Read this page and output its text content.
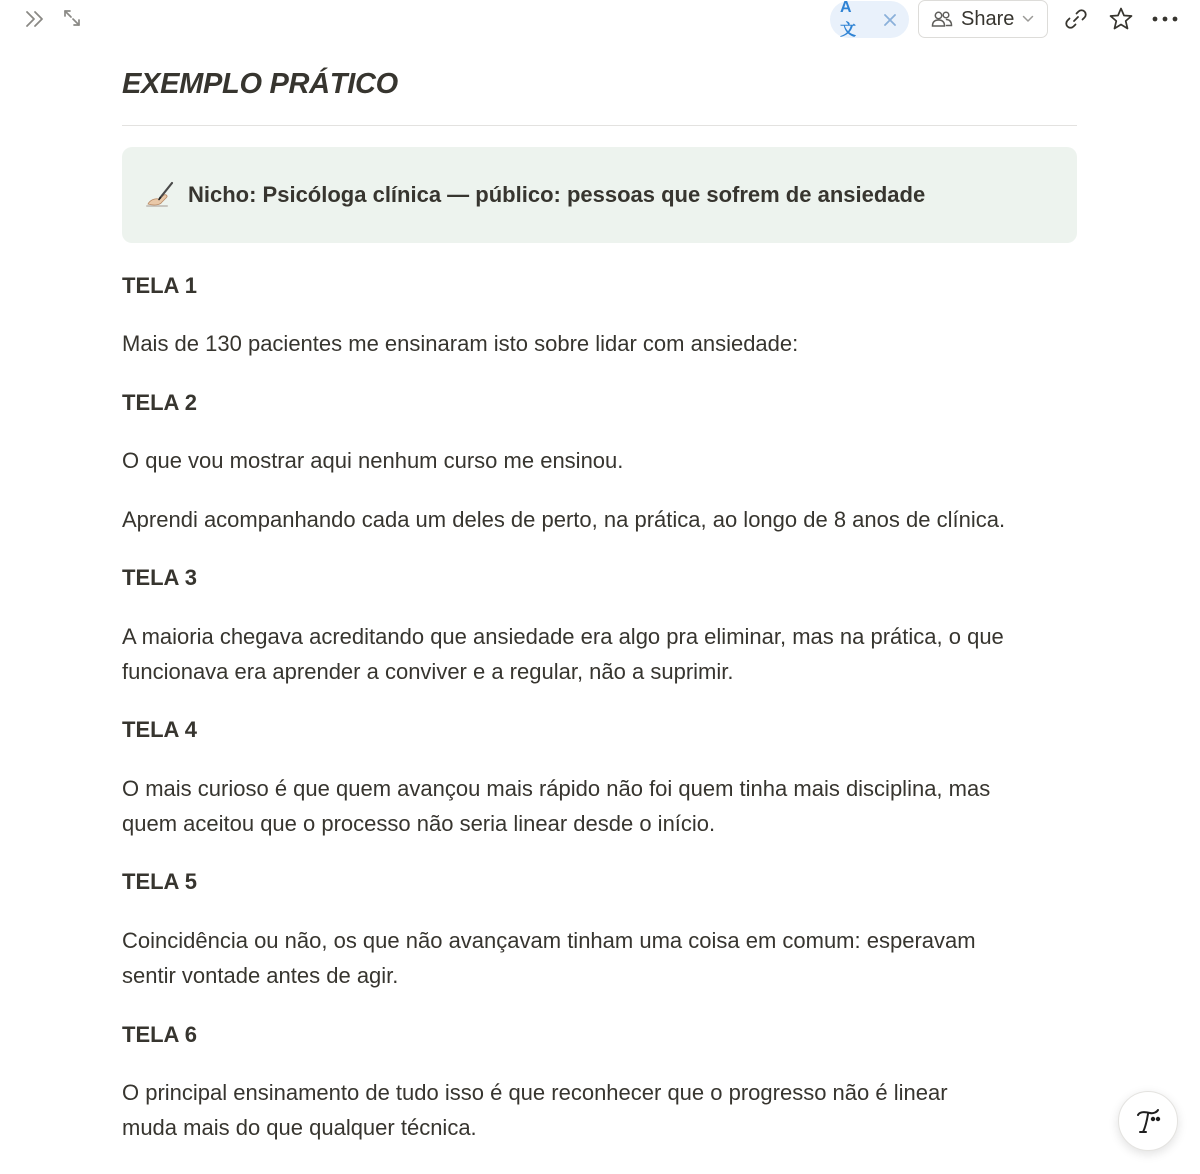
A文
Share
EXEMPLO PRÁTICO
Nicho: Psicóloga clínica — público: pessoas que sofrem de ansiedade
TELA 1
Mais de 130 pacientes me ensinaram isto sobre lidar com ansiedade:
TELA 2
O que vou mostrar aqui nenhum curso me ensinou.
Aprendi acompanhando cada um deles de perto, na prática, ao longo de 8 anos de clínica.
TELA 3
A maioria chegava acreditando que ansiedade era algo pra eliminar, mas na prática, o que
funcionava era aprender a conviver e a regular, não a suprimir.
TELA 4
O mais curioso é que quem avançou mais rápido não foi quem tinha mais disciplina, mas
quem aceitou que o processo não seria linear desde o início.
TELA 5
Coincidência ou não, os que não avançavam tinham uma coisa em comum: esperavam
sentir vontade antes de agir.
TELA 6
O principal ensinamento de tudo isso é que reconhecer que o progresso não é linear
muda mais do que qualquer técnica.
